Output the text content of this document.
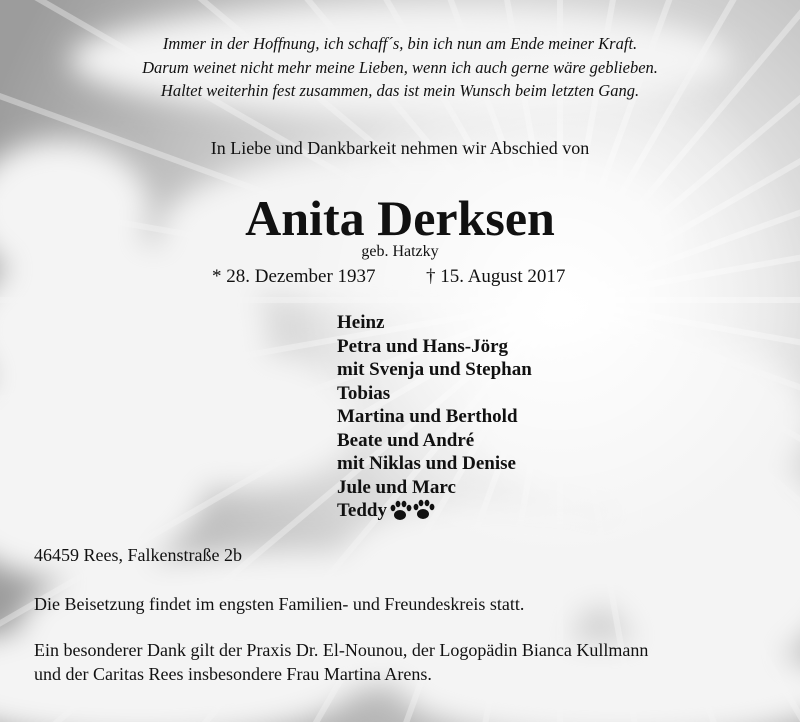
Immer in der Hoffnung, ich schaff´s, bin ich nun am Ende meiner Kraft.
Darum weinet nicht mehr meine Lieben, wenn ich auch gerne wäre geblieben.
Haltet weiterhin fest zusammen, das ist mein Wunsch beim letzten Gang.
In Liebe und Dankbarkeit nehmen wir Abschied von
Anita Derksen
geb. Hatzky
* 28. Dezember 1937	† 15. August 2017
Heinz
Petra und Hans-Jörg
mit Svenja und Stephan
Tobias
Martina und Berthold
Beate und André
mit Niklas und Denise
Jule und Marc
Teddy
46459 Rees, Falkenstraße 2b
Die Beisetzung findet im engsten Familien- und Freundeskreis statt.
Ein besonderer Dank gilt der Praxis Dr. El-Nounou, der Logopädin Bianca Kullmann
und der Caritas Rees insbesondere Frau Martina Arens.
